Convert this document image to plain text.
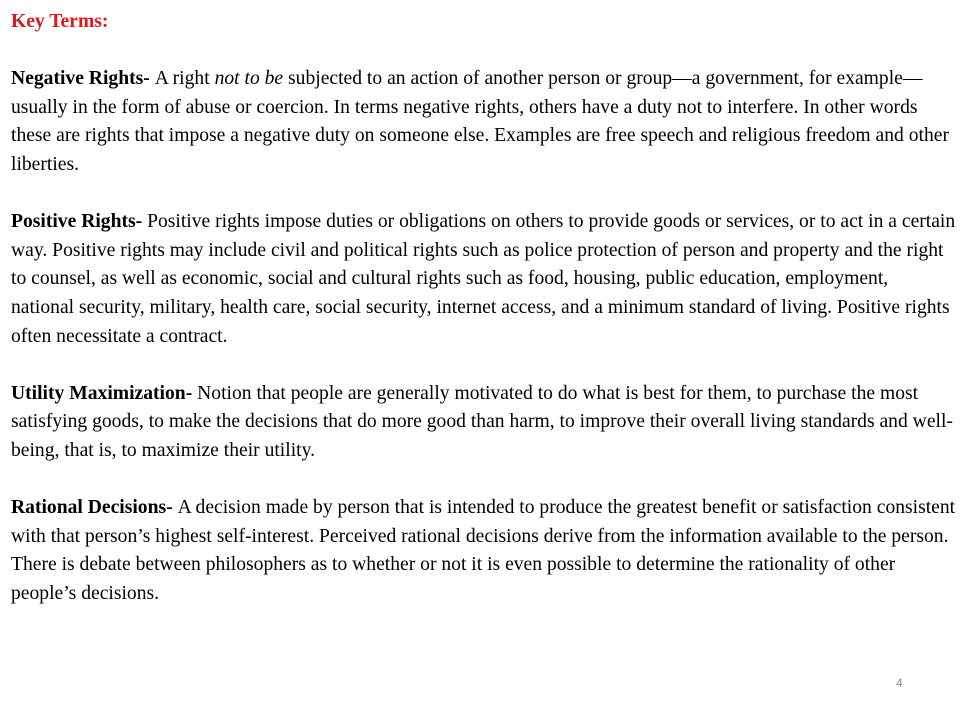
Key Terms:

Negative Rights- A right not to be subjected to an action of another person or group—a government, for example—usually in the form of abuse or coercion. In terms negative rights, others have a duty not to interfere. In other words these are rights that impose a negative duty on someone else. Examples are free speech and religious freedom and other liberties.

Positive Rights- Positive rights impose duties or obligations on others to provide goods or services, or to act in a certain way. Positive rights may include civil and political rights such as police protection of person and property and the right to counsel, as well as economic, social and cultural rights such as food, housing, public education, employment, national security, military, health care, social security, internet access, and a minimum standard of living. Positive rights often necessitate a contract.

Utility Maximization- Notion that people are generally motivated to do what is best for them, to purchase the most satisfying goods, to make the decisions that do more good than harm, to improve their overall living standards and well-being, that is, to maximize their utility.

Rational Decisions- A decision made by person that is intended to produce the greatest benefit or satisfaction consistent with that person’s highest self-interest. Perceived rational decisions derive from the information available to the person. There is debate between philosophers as to whether or not it is even possible to determine the rationality of other people’s decisions.

4
